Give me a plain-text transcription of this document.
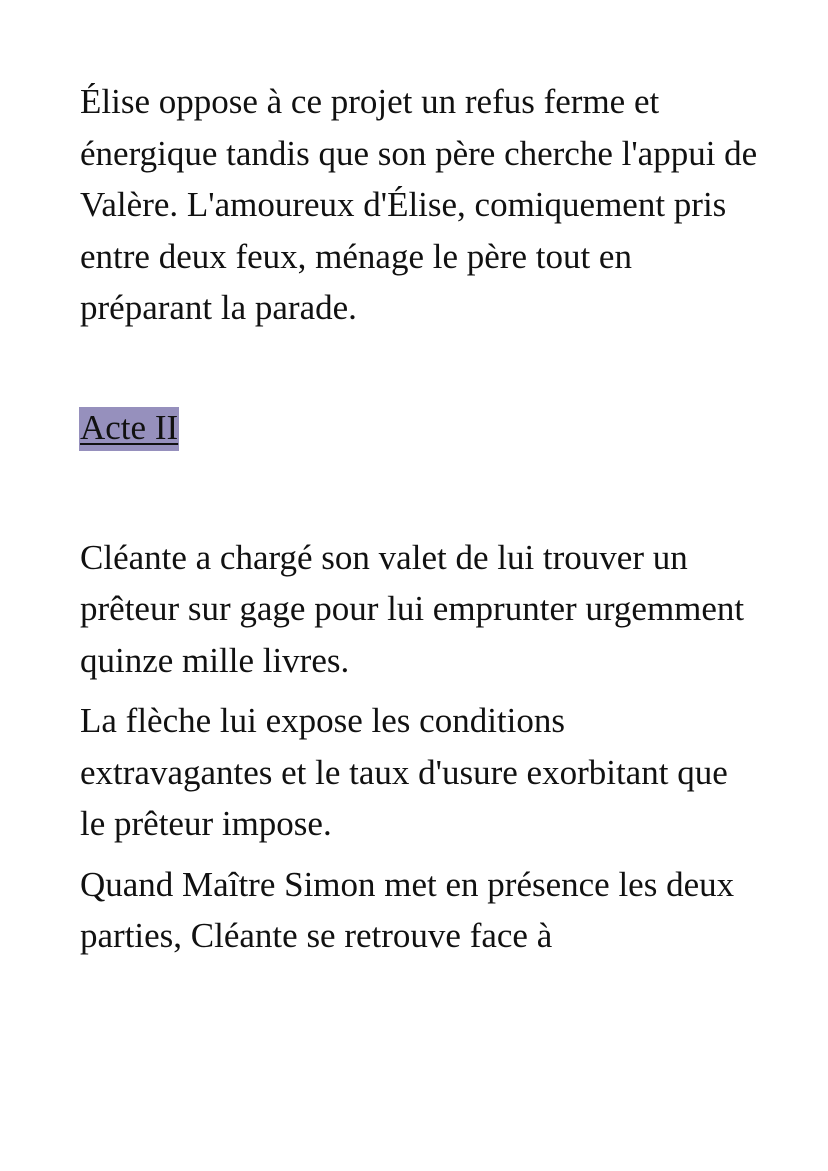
Élise oppose à ce projet un refus ferme et énergique tandis que son père cherche l'appui de Valère. L'amoureux d'Élise, comiquement pris entre deux feux, ménage le père tout en préparant la parade.

Acte II

Cléante a chargé son valet de lui trouver un prêteur sur gage pour lui emprunter urgemment quinze mille livres.

La flèche lui expose les conditions extravagantes et le taux d'usure exorbitant que le prêteur impose.

Quand Maître Simon met en présence les deux parties, Cléante se retrouve face à
